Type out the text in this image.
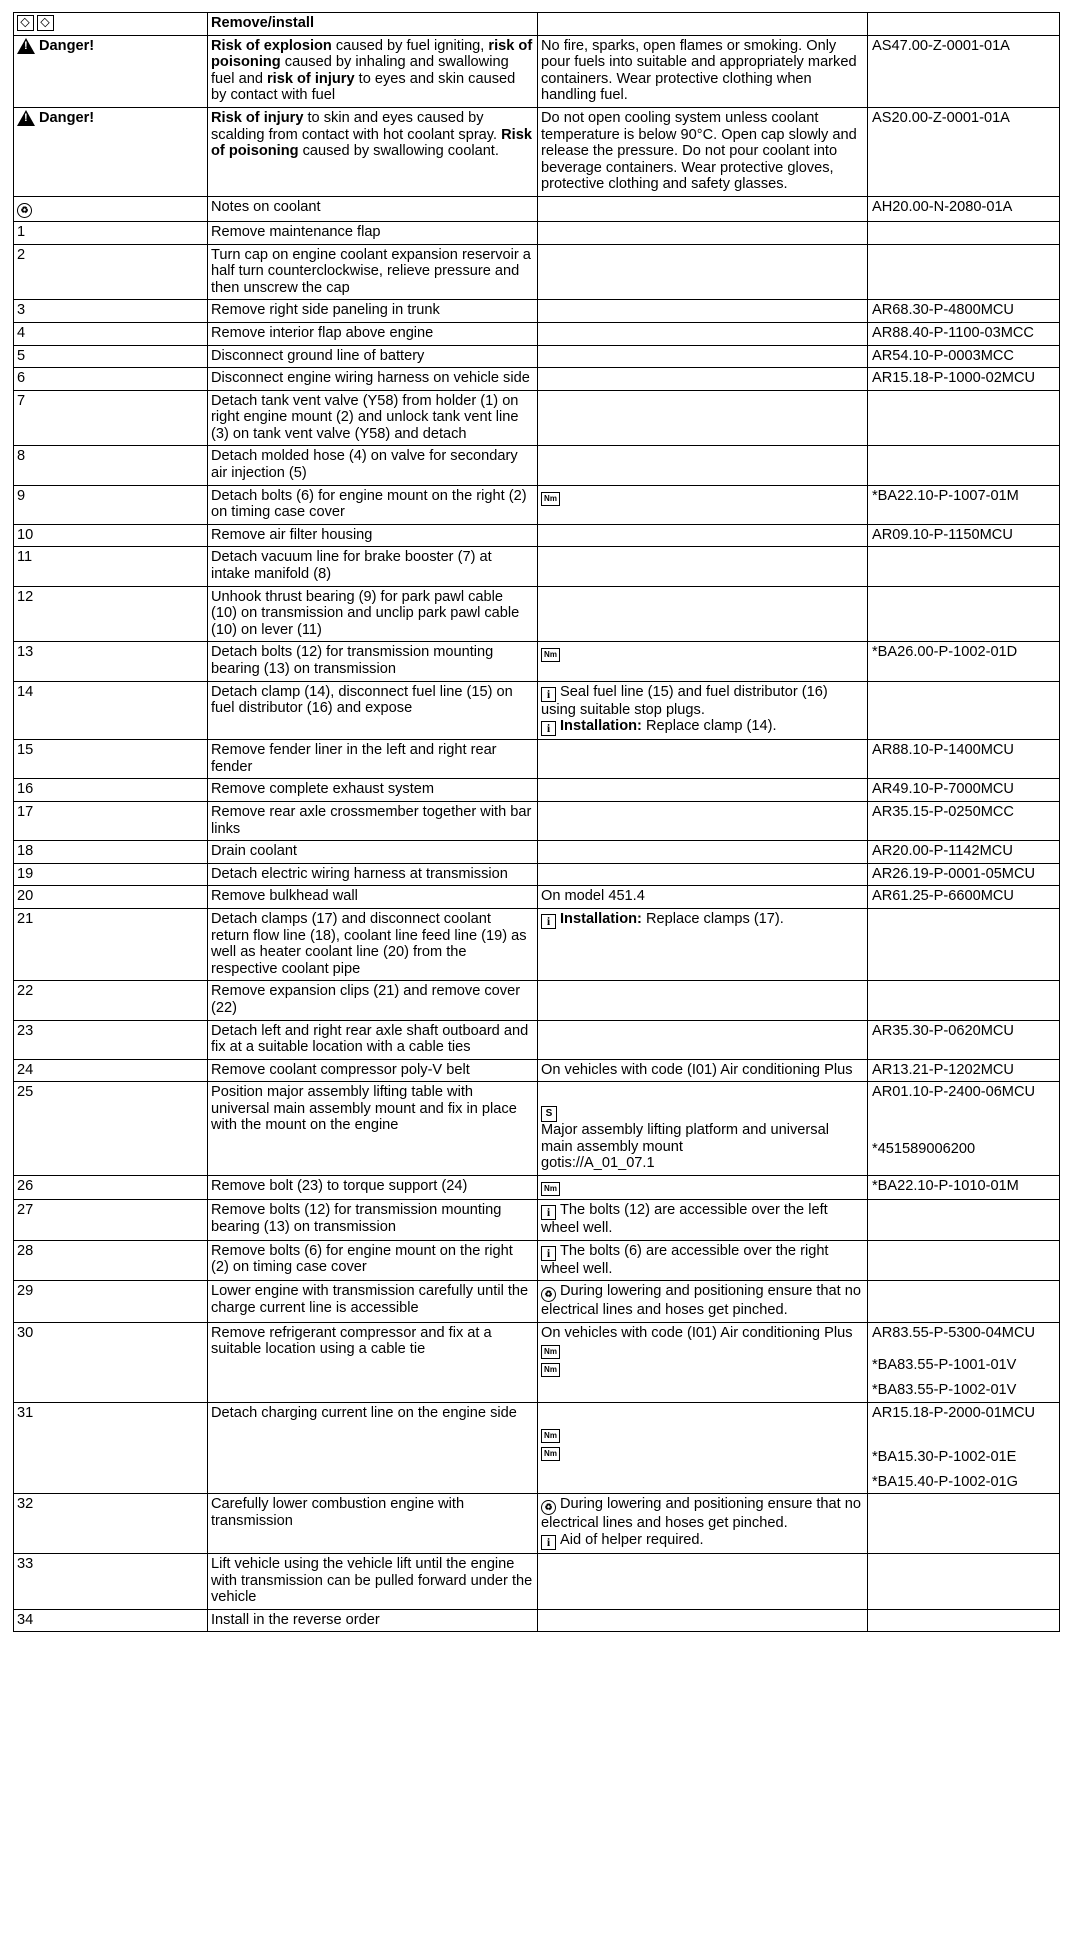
	Remove/install		

!
Danger!	Risk of explosion caused by fuel igniting, risk of poisoning caused by inhaling and swallowing fuel and risk of injury to eyes and skin caused by contact with fuel	No fire, sparks, open flames or smoking. Only pour fuels into suitable and appropriately marked containers. Wear protective clothing when handling fuel.	AS47.00-Z-0001-01A

!
Danger!	Risk of injury to skin and eyes caused by scalding from contact with hot coolant spray. Risk of poisoning caused by swallowing coolant.	Do not open cooling system unless coolant temperature is below 90°C. Open cap slowly and release the pressure. Do not pour coolant into beverage containers. Wear protective gloves, protective clothing and safety glasses.	AS20.00-Z-0001-01A
♻	Notes on coolant		AH20.00-N-2080-01A
1	Remove maintenance flap		
2	Turn cap on engine coolant expansion reservoir a half turn counterclockwise, relieve pressure and then unscrew the cap		
3	Remove right side paneling in trunk		AR68.30-P-4800MCU

4	Remove interior flap above engine		AR88.40-P-1100-03MCC

5	Disconnect ground line of battery		AR54.10-P-0003MCC

6	Disconnect engine wiring harness on vehicle side		AR15.18-P-1000-02MCU

7	Detach tank vent valve (Y58) from holder (1) on right engine mount (2) and unlock tank vent line (3) on tank vent valve (Y58) and detach		
8	Detach molded hose (4) on valve for secondary air injection (5)		
9	Detach bolts (6) for engine mount on the right (2) on timing case cover	Nm	*BA22.10-P-1007-01M

10	Remove air filter housing		AR09.10-P-1150MCU

11	Detach vacuum line for brake booster (7) at intake manifold (8)		
12	Unhook thrust bearing (9) for park pawl cable (10) on transmission and unclip park pawl cable (10) on lever (11)		
13	Detach bolts (12) for transmission mounting bearing (13) on transmission	Nm	*BA26.00-P-1002-01D

14	Detach clamp (14), disconnect fuel line (15) on fuel distributor (16) and expose	i Seal fuel line (15) and fuel distributor (16) using suitable stop plugs.
i Installation: Replace clamp (14).	

15	Remove fender liner in the left and right rear fender		AR88.10-P-1400MCU

16	Remove complete exhaust system		AR49.10-P-7000MCU

17	Remove rear axle crossmember together with bar links		AR35.15-P-0250MCC

18	Drain coolant		AR20.00-P-1142MCU

19	Detach electric wiring harness at transmission		AR26.19-P-0001-05MCU

20	Remove bulkhead wall	On model 451.4	AR61.25-P-6600MCU

21	Detach clamps (17) and disconnect coolant return flow line (18), coolant line feed line (19) as well as heater coolant line (20) from the respective coolant pipe	i Installation: Replace clamps (17).	

22	Remove expansion clips (21) and remove cover (22)		
23	Detach left and right rear axle shaft outboard and fix at a suitable location with a cable ties		AR35.30-P-0620MCU

24	Remove coolant compressor poly-V belt	On vehicles with code (I01) Air conditioning Plus	AR13.21-P-1202MCU

25	Position major assembly lifting table with universal main assembly mount and fix in place with the mount on the engine	S
Major assembly lifting platform and universal main assembly mount
gotis://A_01_07.1	AR01.10-P-2400-06MCU
*451589006200

26	Remove bolt (23) to torque support (24)	Nm	*BA22.10-P-1010-01M

27	Remove bolts (12) for transmission mounting bearing (13) on transmission	i The bolts (12) are accessible over the left wheel well.	

28	Remove bolts (6) for engine mount on the right (2) on timing case cover	i The bolts (6) are accessible over the right wheel well.	

29	Lower engine with transmission carefully until the charge current line is accessible	♻ During lowering and positioning ensure that no electrical lines and hoses get pinched.	

30	Remove refrigerant compressor and fix at a suitable location using a cable tie	On vehicles with code (I01) Air conditioning Plus
Nm
Nm	AR83.55-P-5300-04MCU
*BA83.55-P-1001-01V
*BA83.55-P-1002-01V

31	Detach charging current line on the engine side	Nm
Nm	AR15.18-P-2000-01MCU
*BA15.30-P-1002-01E
*BA15.40-P-1002-01G

32	Carefully lower combustion engine with transmission	♻ During lowering and positioning ensure that no electrical lines and hoses get pinched.
i Aid of helper required.	

33	Lift vehicle using the vehicle lift until the engine with transmission can be pulled forward under the vehicle		
34	Install in the reverse order		
